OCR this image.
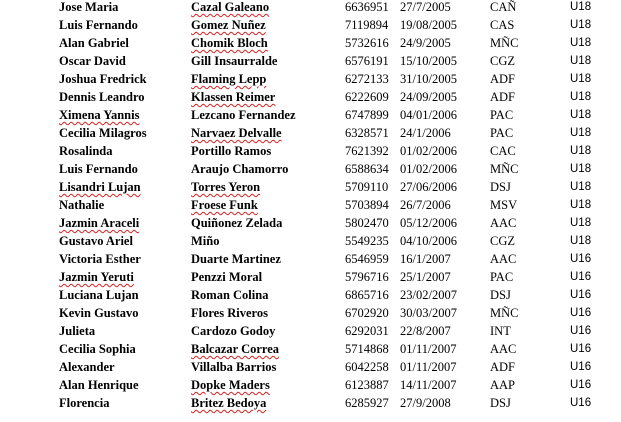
Jose Maria	Cazal Galeano	6636951 27/7/2005	CAÑ	U18
Luis Fernando	Gomez Nuñez	7119894 19/08/2005	CAS	U18
Alan Gabriel	Chomik Bloch	5732616 24/9/2005	MÑC	U18
Oscar David	Gill Insaurralde	6576191 15/10/2005	CGZ	U18
Joshua Fredrick	Flaming Lepp	6272133 31/10/2005	ADF	U18
Dennis Leandro	Klassen Reimer	6222609 24/09/2005	ADF	U18
Ximena Yannis	Lezcano Fernandez	6747899 04/01/2006	PAC	U18
Cecilia Milagros	Narvaez Delvalle	6328571 24/1/2006	PAC	U18
Rosalinda	Portillo Ramos	7621392 01/02/2006	CAC	U18
Luis Fernando	Araujo Chamorro	6588634 01/02/2006	MÑC	U18
Lisandri Lujan	Torres Yeron	5709110 27/06/2006	DSJ	U18
Nathalie	Froese Funk	5703894 26/7/2006	MSV	U18
Jazmin Araceli	Quiñonez Zelada	5802470 05/12/2006	AAC	U18
Gustavo Ariel	Miño	5549235 04/10/2006	CGZ	U18
Victoria Esther	Duarte Martinez	6546959 16/1/2007	AAC	U16
Jazmin Yeruti	Penzzi Moral	5796716 25/1/2007	PAC	U16
Luciana Lujan	Roman Colina	6865716 23/02/2007	DSJ	U16
Kevin Gustavo	Flores Riveros	6702920 30/03/2007	MÑC	U16
Julieta	Cardozo Godoy	6292031 22/8/2007	INT	U16
Cecilia Sophia	Balcazar Correa	5714868 01/11/2007	AAC	U16
Alexander	Villalba Barrios	6042258 01/11/2007	ADF	U16
Alan Henrique	Dopke Maders	6123887 14/11/2007	AAP	U16
Florencia	Britez Bedoya	6285927 27/9/2008	DSJ	U16
